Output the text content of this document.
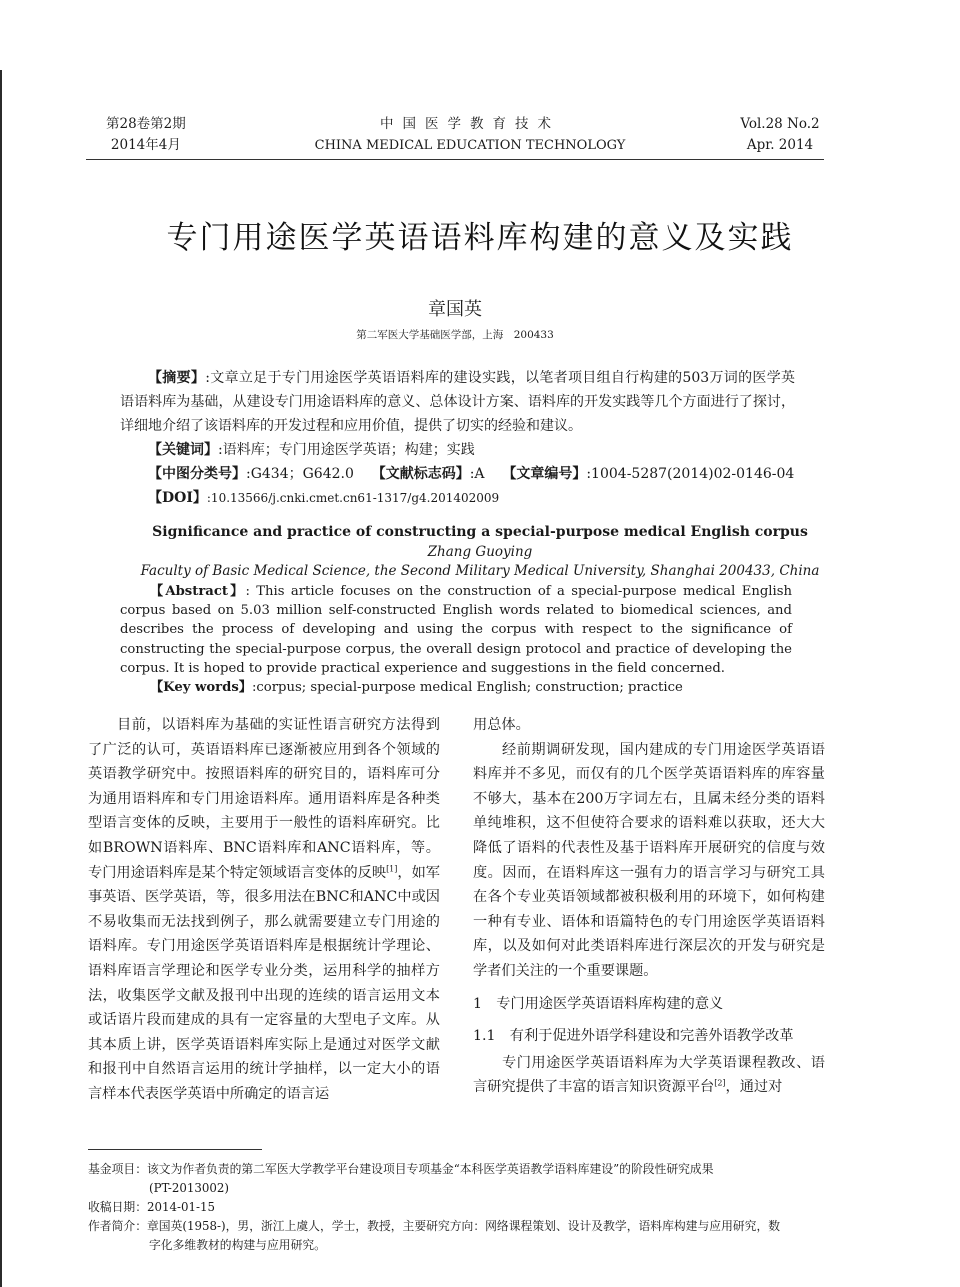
第28卷第2期
2014年4月
中国医学教育技术
CHINA MEDICAL EDUCATION TECHNOLOGY
Vol.28 No.2
Apr. 2014
专门用途医学英语语料库构建的意义及实践
章国英
第二军医大学基础医学部，上海　200433

【摘要】:文章立足于专门用途医学英语语料库的建设实践，以笔者项目组自行构建的503万词的医学英语语料库为基础，从建设专门用途语料库的意义、总体设计方案、语料库的开发实践等几个方面进行了探讨，详细地介绍了该语料库的开发过程和应用价值，提供了切实的经验和建议。

【关键词】:语料库；专门用途医学英语；构建；实践

【中图分类号】:G434；G642.0 【文献标志码】:A 【文章编号】:1004-5287(2014)02-0146-04

【DOI】:10.13566/j.cnki.cmet.cn61-1317/g4.201402009

Significance and practice of constructing a special-purpose medical English corpus
Zhang Guoying
Faculty of Basic Medical Science, the Second Military Medical University, Shanghai 200433, China

【Abstract】: This article focuses on the construction of a special-purpose medical English corpus based on 5.03 million self-constructed English words related to biomedical sciences, and describes the process of developing and using the corpus with respect to the significance of constructing the special-purpose corpus, the overall design protocol and practice of developing the corpus. It is hoped to provide practical experience and suggestions in the field concerned.

【Key words】:corpus; special-purpose medical English; construction; practice

目前，以语料库为基础的实证性语言研究方法得到了广泛的认可，英语语料库已逐渐被应用到各个领域的英语教学研究中。按照语料库的研究目的，语料库可分为通用语料库和专门用途语料库。通用语料库是各种类型语言变体的反映，主要用于一般性的语料库研究。比如BROWN语料库、BNC语料库和ANC语料库，等。专门用途语料库是某个特定领域语言变体的反映[1]，如军事英语、医学英语，等，很多用法在BNC和ANC中或因不易收集而无法找到例子，那么就需要建立专门用途的语料库。专门用途医学英语语料库是根据统计学理论、语料库语言学理论和医学专业分类，运用科学的抽样方法，收集医学文献及报刊中出现的连续的语言运用文本或话语片段而建成的具有一定容量的大型电子文库。从其本质上讲，医学英语语料库实际上是通过对医学文献和报刊中自然语言运用的统计学抽样，以一定大小的语言样本代表医学英语中所确定的语言运

用总体。

经前期调研发现，国内建成的专门用途医学英语语料库并不多见，而仅有的几个医学英语语料库的库容量不够大，基本在200万字词左右，且属未经分类的语料单纯堆积，这不但使符合要求的语料难以获取，还大大降低了语料的代表性及基于语料库开展研究的信度与效度。因而，在语料库这一强有力的语言学习与研究工具在各个专业英语领域都被积极利用的环境下，如何构建一种有专业、语体和语篇特色的专门用途医学英语语料库，以及如何对此类语料库进行深层次的开发与研究是学者们关注的一个重要课题。

1　专门用途医学英语语料库构建的意义

1.1　有利于促进外语学科建设和完善外语教学改革

专门用途医学英语语料库为大学英语课程教改、语言研究提供了丰富的语言知识资源平台[2]，通过对

基金项目：该文为作者负责的第二军医大学教学平台建设项目专项基金“本科医学英语教学语料库建设”的阶段性研究成果

(PT-2013002)

收稿日期：2014-01-15

作者简介：章国英(1958-)，男，浙江上虞人，学士，教授，主要研究方向：网络课程策划、设计及教学，语料库构建与应用研究，数

字化多维教材的构建与应用研究。
